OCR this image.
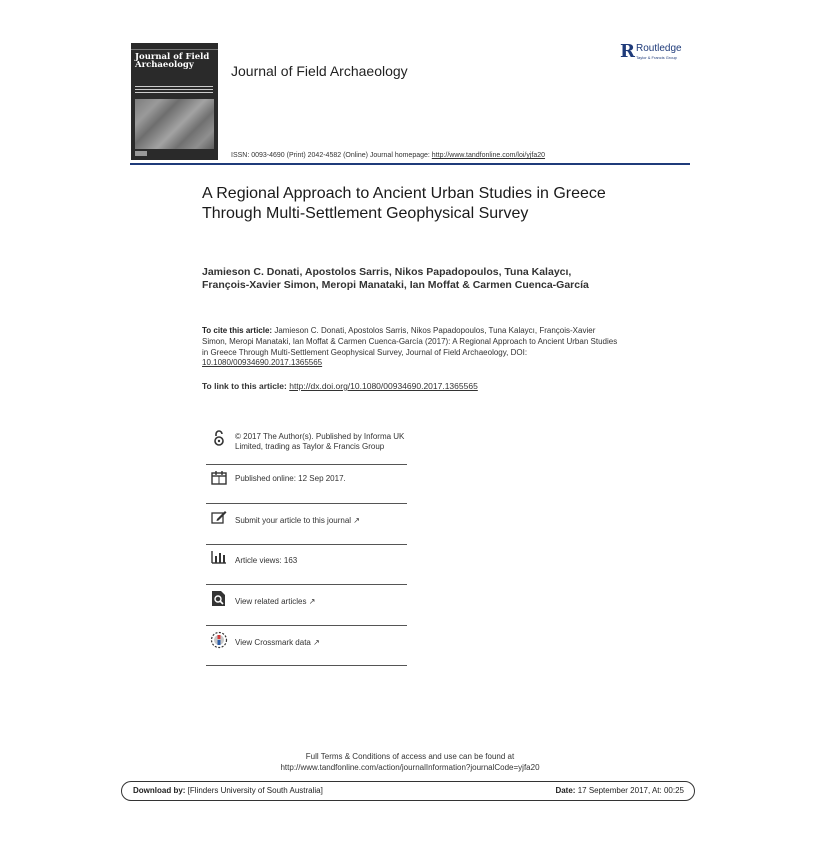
Journal of Field Archaeology	Journal of Field Archaeology
R Routledge
Taylor & Francis Group
ISSN: 0093-4690 (Print) 2042-4582 (Online) Journal homepage: http://www.tandfonline.com/loi/yjfa20
A Regional Approach to Ancient Urban Studies in Greece Through Multi-Settlement Geophysical Survey
Jamieson C. Donati, Apostolos Sarris, Nikos Papadopoulos, Tuna Kalaycı, François-Xavier Simon, Meropi Manataki, Ian Moffat & Carmen Cuenca-García
To cite this article: Jamieson C. Donati, Apostolos Sarris, Nikos Papadopoulos, Tuna Kalaycı, François-Xavier Simon, Meropi Manataki, Ian Moffat & Carmen Cuenca-García (2017): A Regional Approach to Ancient Urban Studies in Greece Through Multi-Settlement Geophysical Survey, Journal of Field Archaeology, DOI: 10.1080/00934690.2017.1365565
To link to this article: http://dx.doi.org/10.1080/00934690.2017.1365565
© 2017 The Author(s). Published by Informa UK Limited, trading as Taylor & Francis Group
Published online: 12 Sep 2017.
Submit your article to this journal ↗
Article views: 163
View related articles ↗
View Crossmark data ↗
Full Terms & Conditions of access and use can be found at
http://www.tandfonline.com/action/journalInformation?journalCode=yjfa20
Download by: [Flinders University of South Australia]	Date: 17 September 2017, At: 00:25
